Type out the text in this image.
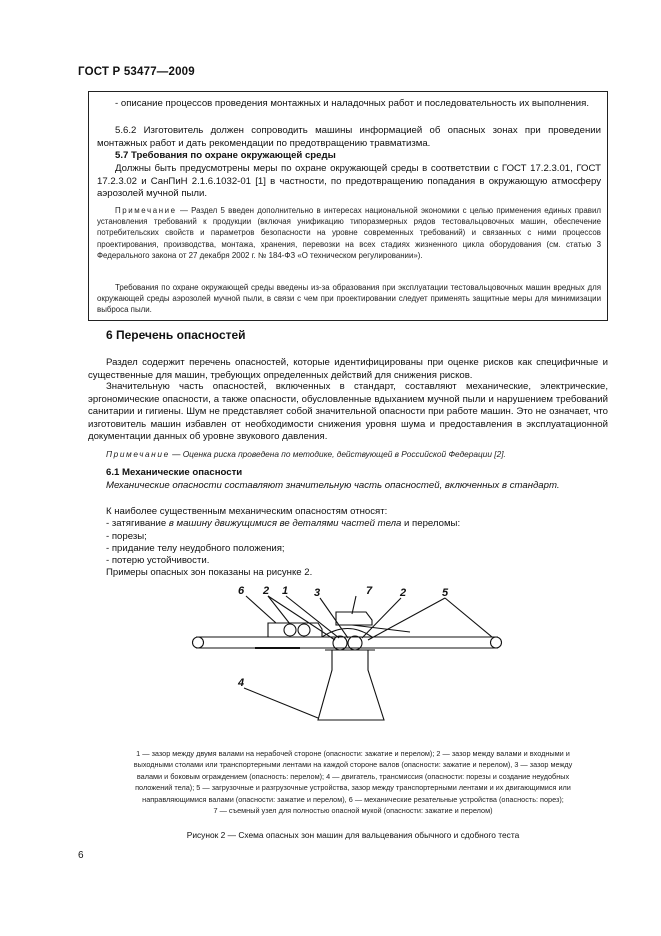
ГОСТ Р 53477—2009
- описание процессов проведения монтажных и наладочных работ и последовательность их выполнения.
5.6.2 Изготовитель должен сопроводить машины информацией об опасных зонах при проведении монтажных работ и дать рекомендации по предотвращению травматизма.
5.7 Требования по охране окружающей среды
Должны быть предусмотрены меры по охране окружающей среды в соответствии с ГОСТ 17.2.3.01, ГОСТ 17.2.3.02 и СанПиН 2.1.6.1032-01 [1] в частности, по предотвращению попадания в окружающую атмосферу аэрозолей мучной пыли.
Примечание — Раздел 5 введен дополнительно в интересах национальной экономики с целью применения единых правил установления требований к продукции (включая унификацию типоразмерных рядов тестовальцовочных машин, обеспечение потребительских свойств и параметров безопасности на уровне современных требований) и связанных с ними процессов проектирования, производства, монтажа, хранения, перевозки на всех стадиях жизненного цикла оборудования (см. статью 3 Федерального закона от 27 декабря 2002 г. № 184-ФЗ «О техническом регулировании»).
Требования по охране окружающей среды введены из-за образования при эксплуатации тестовальцовочных машин вредных для окружающей среды аэрозолей мучной пыли, в связи с чем при проектировании следует применять защитные меры для минимизации выброса пыли.
6 Перечень опасностей
Раздел содержит перечень опасностей, которые идентифицированы при оценке рисков как специфичные и существенные для машин, требующих определенных действий для снижения рисков.
Значительную часть опасностей, включенных в стандарт, составляют механические, электрические, эргономические опасности, а также опасности, обусловленные вдыханием мучной пыли и нарушением требований санитарии и гигиены. Шум не представляет собой значительной опасности при работе машин. Это не означает, что изготовитель машин избавлен от необходимости снижения уровня шума и предоставления в эксплуатационной документации данных об уровне звукового давления.
Примечание — Оценка риска проведена по методике, действующей в Российской Федерации [2].
6.1 Механические опасности
Механические опасности составляют значительную часть опасностей, включенных в стандарт.
К наиболее существенным механическим опасностям относят:
- затягивание в машину движущимися ве деталями частей тела и переломы:
- порезы;
- придание телу неудобного положения;
- потерю устойчивости.
Примеры опасных зон показаны на рисунке 2.
6 2 1 3	7	2	5
4
1 — зазор между двумя валами на нерабочей стороне (опасности: зажатие и перелом); 2 — зазор между валами и входными и
выходными столами или транспортерными лентами на каждой стороне валов (опасности: зажатие и перелом), 3 — зазор между
валами и боковым ограждением (опасность: перелом); 4 — двигатель, трансмиссия (опасности: порезы и создание неудобных
положений тела); 5 — загрузочные и разгрузочные устройства, зазор между транспортерными лентами и их двигающимися или
направляющимися валами (опасности: зажатие и перелом), 6 — механические резательные устройства (опасность: порез);
7 — съемный узел для полностью опасной мукой (опасности: зажатие и перелом)
Рисунок 2 — Схема опасных зон машин для вальцевания обычного и сдобного теста
6
